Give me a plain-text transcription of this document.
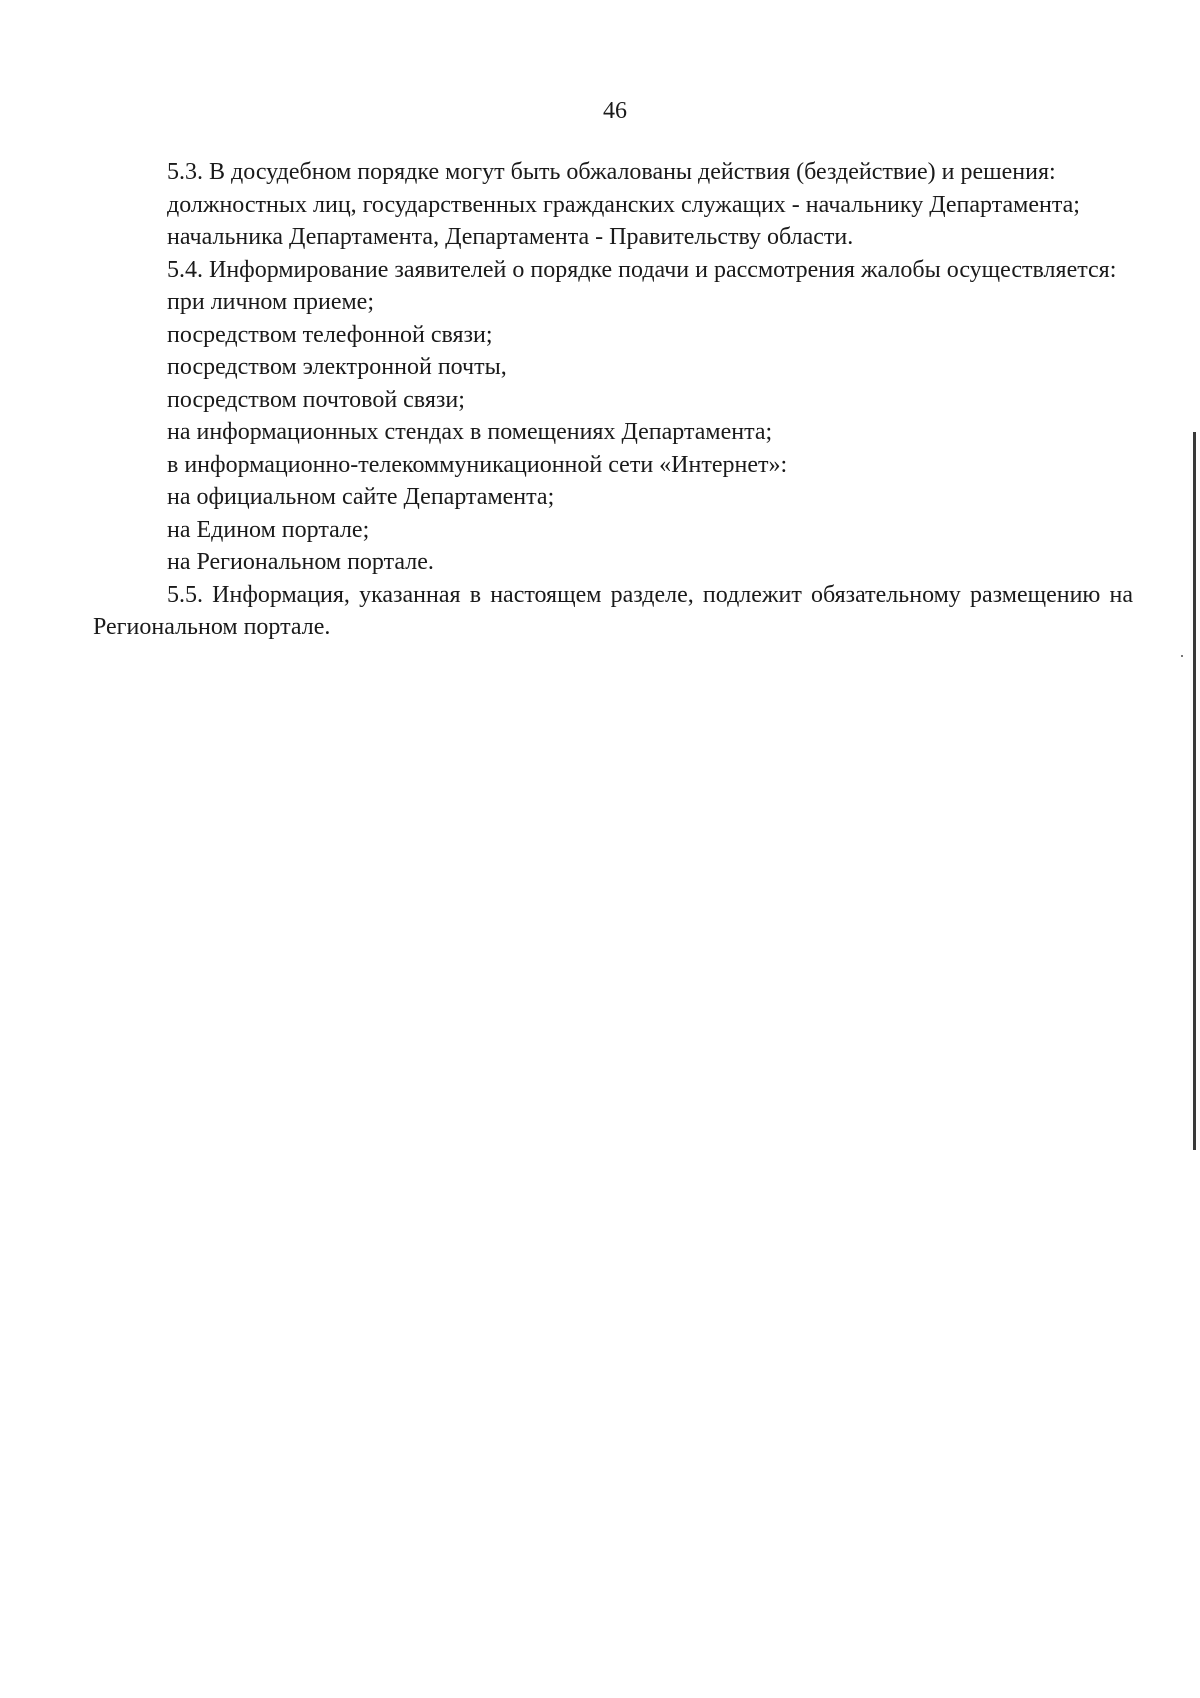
46

5.3. В досудебном порядке могут быть обжалованы действия (бездействие) и решения:

должностных лиц, государственных гражданских служащих - начальнику Департамента;

начальника Департамента, Департамента - Правительству области.

5.4. Информирование заявителей о порядке подачи и рассмотрения жалобы осуществляется:

при личном приеме;

посредством телефонной связи;

посредством электронной почты,

посредством почтовой связи;

на информационных стендах в помещениях Департамента;

в информационно-телекоммуникационной сети «Интернет»:

на официальном сайте Департамента;

на Едином портале;

на Региональном портале.

5.5. Информация, указанная в настоящем разделе, подлежит обязательному размещению на Региональном портале.
